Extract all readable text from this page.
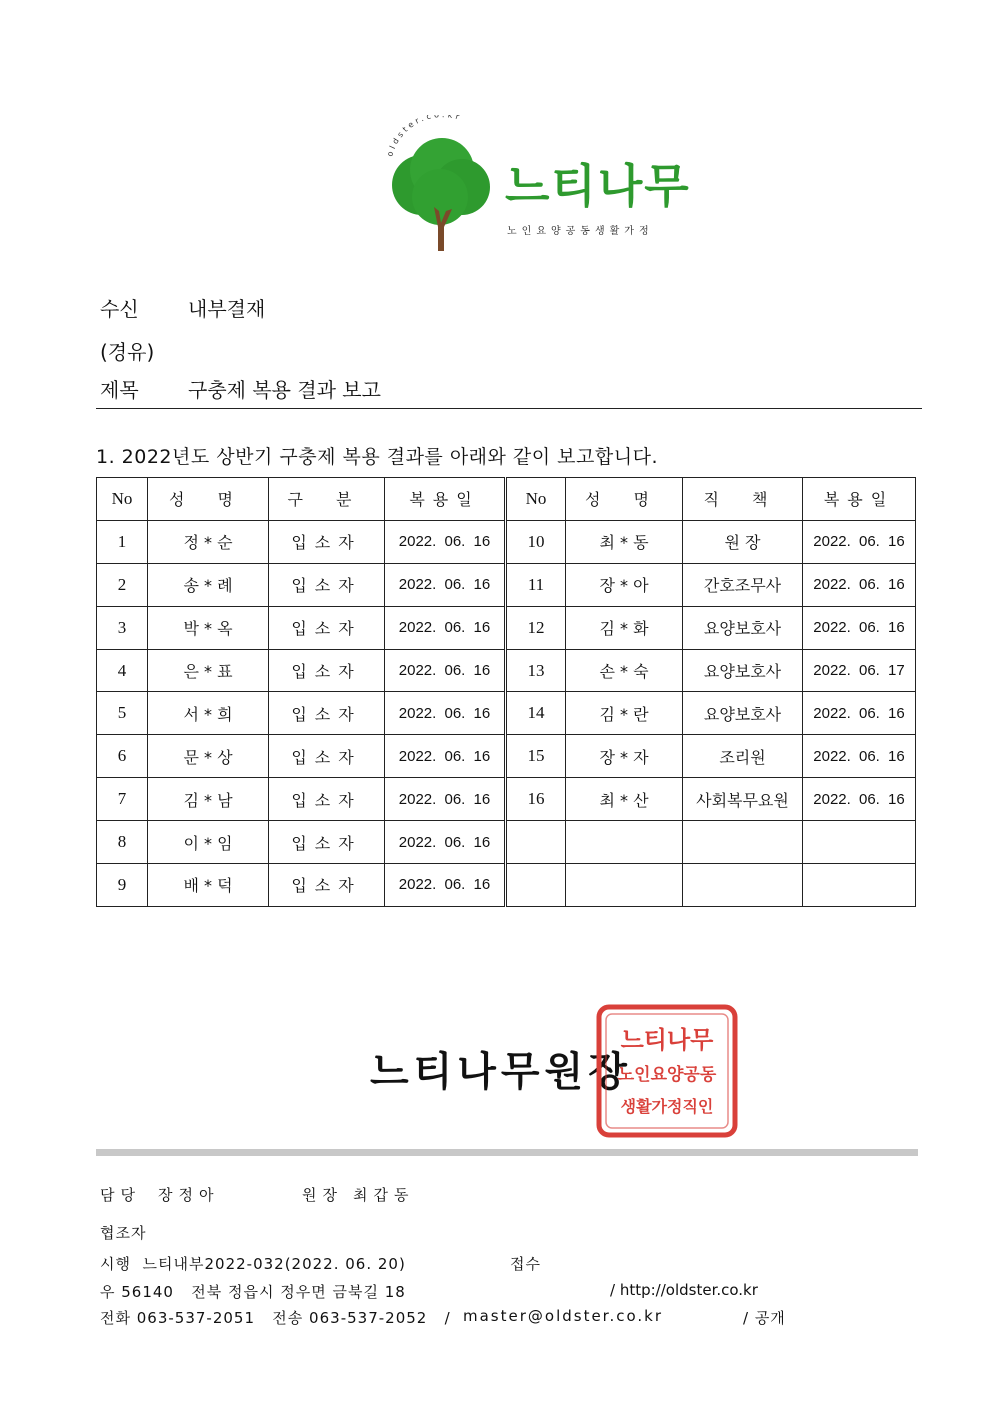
oldster.c kr
느티나무
노인요양공동생활가정
수신 내부결재
(경유)
제목 구충제 복용 결과 보고
1. 2022년도 상반기 구충제 복용 결과를 아래와 같이 보고합니다.
No	성 명	구 분	복용일	No	성 명	직 책	복용일
1	정 * 순	입소자	2022. 06. 16	10	최 * 동	원 장	2022. 06. 16
2	송 * 례	입소자	2022. 06. 16	11	장 * 아	간호조무사	2022. 06. 16
3	박 * 옥	입소자	2022. 06. 16	12	김 * 화	요양보호사	2022. 06. 16
4	은 * 표	입소자	2022. 06. 16	13	손 * 숙	요양보호사	2022. 06. 17
5	서 * 희	입소자	2022. 06. 16	14	김 * 란	요양보호사	2022. 06. 16
6	문 * 상	입소자	2022. 06. 16	15	장 * 자	조리원	2022. 06. 16
7	김 * 남	입소자	2022. 06. 16	16	최 * 산	사회복무요원	2022. 06. 16
8	이 * 임	입소자	2022. 06. 16				
9	배 * 덕	입소자	2022. 06. 16				
느티나무원장
느티나무
노인요양공동
생활가정직인
담당 장정아	원장 최갑동
협조자
시행  느티내부2022-032(2022. 06. 20)	접수
우 56140   전북 정읍시 정우면 금북길 18	/ http://oldster.co.kr
전화 063-537-2051   전송 063-537-2052   / master@oldster.co.kr	/ 공개
